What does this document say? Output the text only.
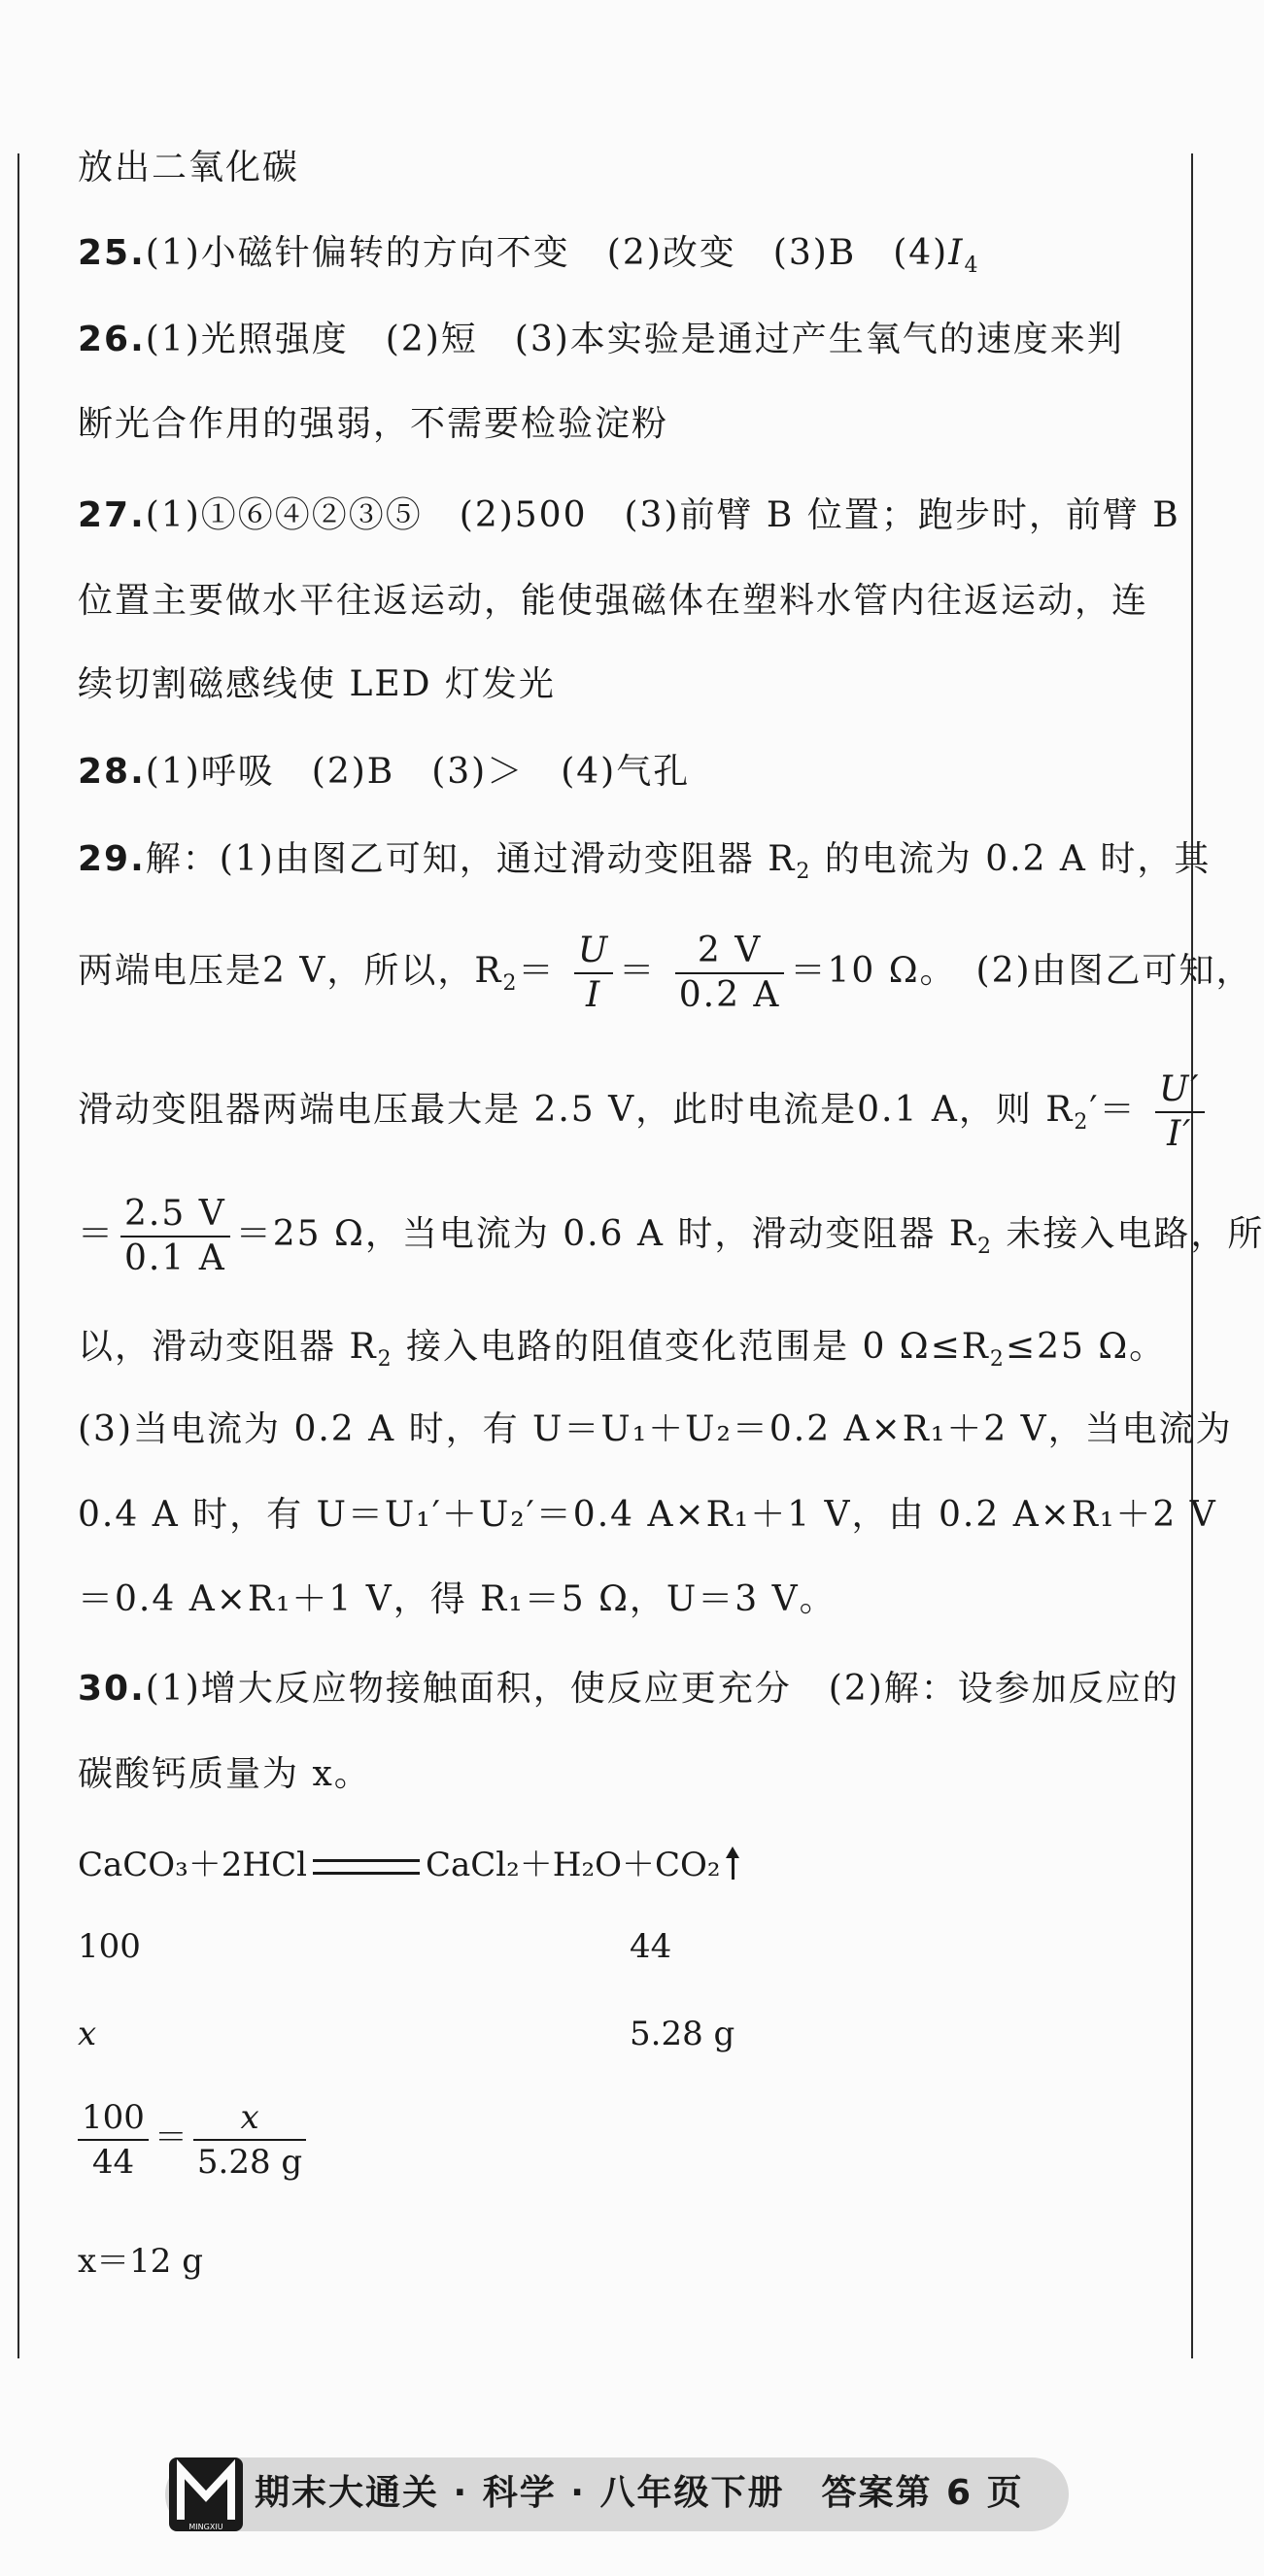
放出二氧化碳
25.(1)小磁针偏转的方向不变　(2)改变　(3)B　$(4)I_4$
26.(1)光照强度　(2)短　(3)本实验是通过产生氧气的速度来判
断光合作用的强弱，不需要检验淀粉
27.(1)①⑥④②③⑤　(2)500　(3)前臂 B 位置；跑步时，前臂 B
位置主要做水平往返运动，能使强磁体在塑料水管内往返运动，连
续切割磁感线使 LED 灯发光
28.(1)呼吸　(2)B　(3)＞　(4)气孔
29.解：(1)由图乙可知，通过滑动变阻器 $R_2$ 的电流为 0.2 A 时，其
两端电压是2 V，所以，$R_2= \frac{U}{I} = \frac{2 V}{0.2 A} =10$ Ω。　(2)由图乙可知，
滑动变阻器两端电压最大是 2.5 V，此时电流是0.1 A，则 $R_2'= \frac{U'}{I'}$
＝ $\frac{2.5 V}{0.1 A} =25$ Ω，当电流为 0.6 A 时，滑动变阻器 $R_2$ 未接入电路，所
以，滑动变阻器 $R_2$ 接入电路的阻值变化范围是 0 $\Omega\le R_2\le 25$ Ω。
(3)当电流为 0.2 A 时，有 U＝U₁＋U₂＝0.2 A×R₁＋2 V，当电流为
0.4 A 时，有 U＝U₁′＋U₂′＝0.4 A×R₁＋1 V，由 0.2 A×R₁＋2 V
＝0.4 A×R₁＋1 V，得 R₁＝5 Ω，U＝3 V。
30.(1)增大反应物接触面积，使反应更充分　(2)解：设参加反应的
碳酸钙质量为 x。
CaCO₃＋2HCl	CaCl₂＋H₂O＋CO₂
100	44
x	5.28 g
$\frac{100}{44} = \frac{x}{5.28 g}$
x＝12 g
MINGXIU
期末大通关 · 科学 · 八年级下册　答案第 6 页
